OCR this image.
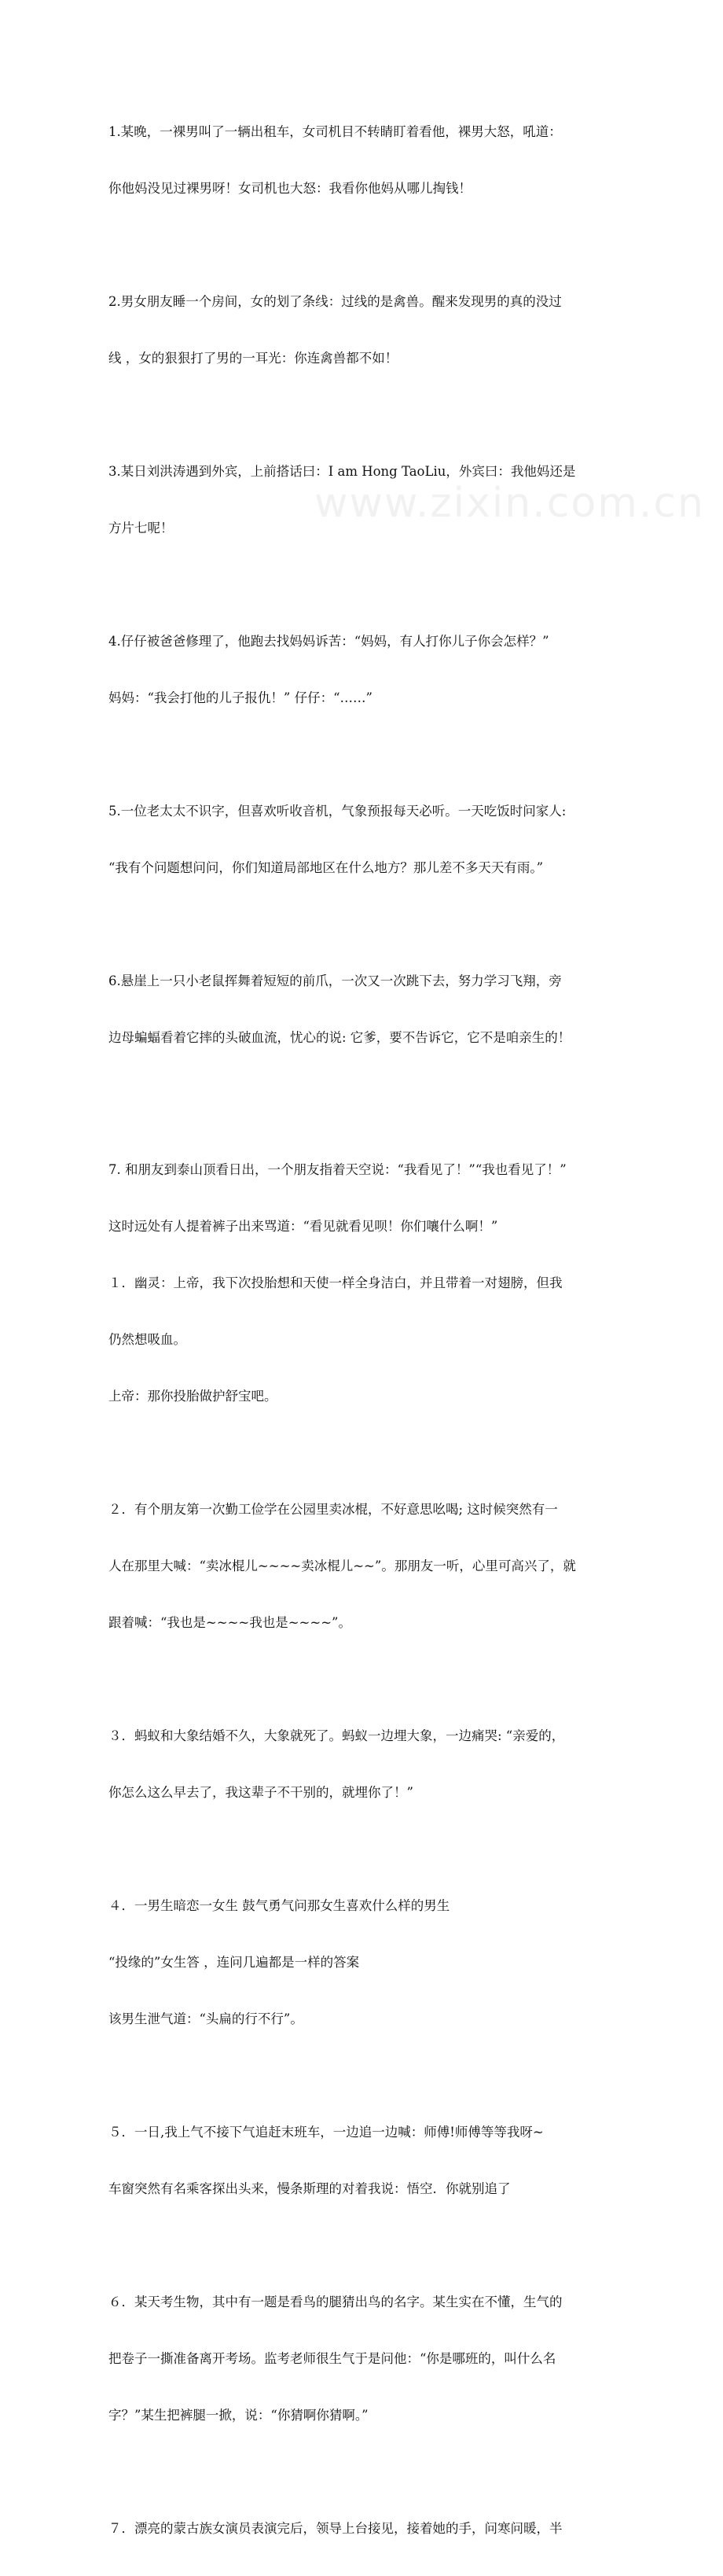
www.zixin.com.cn

1.某晚，一裸男叫了一辆出租车，女司机目不转睛盯着看他，裸男大怒，吼道：

你他妈没见过裸男呀！女司机也大怒：我看你他妈从哪儿掏钱！

2.男女朋友睡一个房间，女的划了条线：过线的是禽兽。醒来发现男的真的没过

线 ，女的狠狠打了男的一耳光：你连禽兽都不如！

3.某日刘洪涛遇到外宾，上前搭话曰：I am Hong TaoLiu，外宾曰：我他妈还是

方片七呢！

4.仔仔被爸爸修理了，他跑去找妈妈诉苦：“妈妈，有人打你儿子你会怎样？”

妈妈：“我会打他的儿子报仇！” 仔仔：“……”

5.一位老太太不识字，但喜欢听收音机，气象预报每天必听。一天吃饭时问家人:

“我有个问题想问问，你们知道局部地区在什么地方？那儿差不多天天有雨。”

6.悬崖上一只小老鼠挥舞着短短的前爪，一次又一次跳下去，努力学习飞翔，旁

边母蝙蝠看着它摔的头破血流，忧心的说: 它爹，要不告诉它，它不是咱亲生的！

7. 和朋友到泰山顶看日出，一个朋友指着天空说：“我看见了！”“我也看见了！”

这时远处有人提着裤子出来骂道：“看见就看见呗！你们嚷什么啊！”

１．幽灵：上帝，我下次投胎想和天使一样全身洁白，并且带着一对翅膀，但我

仍然想吸血。

上帝：那你投胎做护舒宝吧。

２．有个朋友第一次勤工俭学在公园里卖冰棍，不好意思吆喝; 这时候突然有一

人在那里大喊：“卖冰棍儿~~~~卖冰棍儿~~”。那朋友一听，心里可高兴了，就

跟着喊：“我也是~~~~我也是~~~~”。

３．蚂蚁和大象结婚不久，大象就死了。蚂蚁一边埋大象，一边痛哭: “亲爱的，

你怎么这么早去了，我这辈子不干别的，就埋你了！”

４．一男生暗恋一女生 鼓气勇气问那女生喜欢什么样的男生

“投缘的”女生答 ，连问几遍都是一样的答案

该男生泄气道：“头扁的行不行”。

５．一日,我上气不接下气追赶末班车，一边追一边喊：师傅!师傅等等我呀~

车窗突然有名乘客探出头来，慢条斯理的对着我说：悟空．你就别追了

６．某天考生物，其中有一题是看鸟的腿猜出鸟的名字。某生实在不懂，生气的

把卷子一撕准备离开考场。监考老师很生气于是问他：“你是哪班的，叫什么名

字？”某生把裤腿一掀，说：“你猜啊你猜啊。”

７．漂亮的蒙古族女演员表演完后，领导上台接见，接着她的手，问寒问暖，半
